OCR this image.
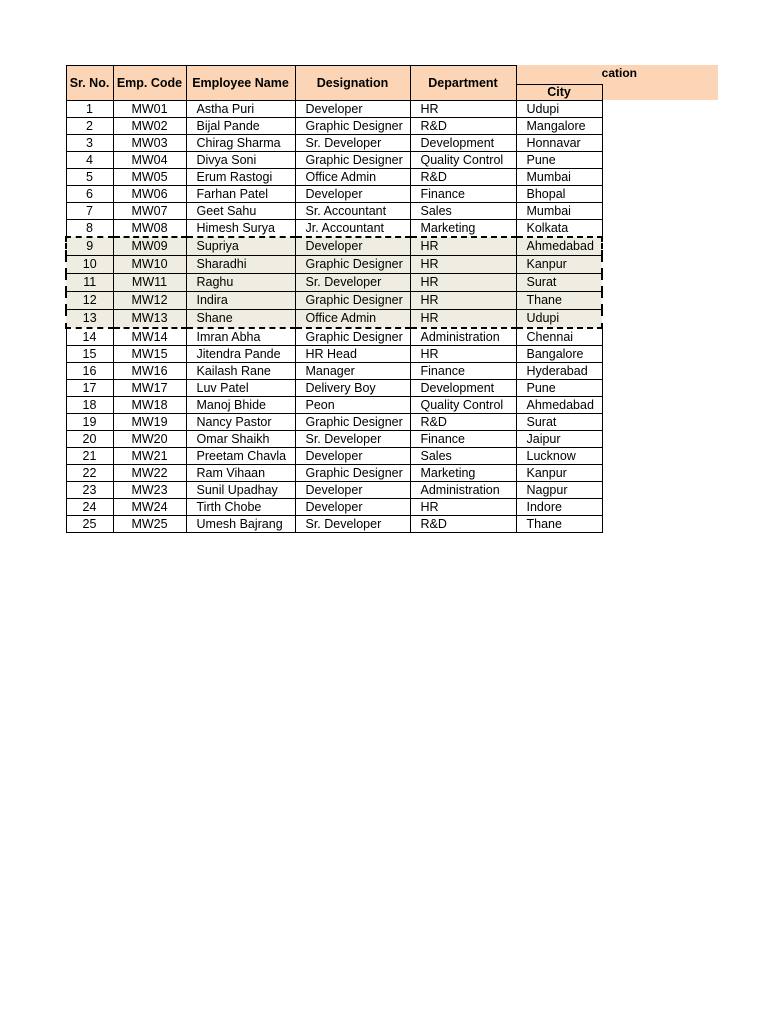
Sr. No.	Emp. Code	Employee Name	Designation	Department	
					City
1	MW01	Astha Puri	Developer	HR	Udupi
2	MW02	Bijal Pande	Graphic Designer	R&D	Mangalore
3	MW03	Chirag Sharma	Sr. Developer	Development	Honnavar
4	MW04	Divya Soni	Graphic Designer	Quality Control	Pune
5	MW05	Erum Rastogi	Office Admin	R&D	Mumbai
6	MW06	Farhan Patel	Developer	Finance	Bhopal
7	MW07	Geet Sahu	Sr. Accountant	Sales	Mumbai
8	MW08	Himesh Surya	Jr. Accountant	Marketing	Kolkata
9	MW09	Supriya	Developer	HR	Ahmedabad
10	MW10	Sharadhi	Graphic Designer	HR	Kanpur
11	MW11	Raghu	Sr. Developer	HR	Surat
12	MW12	Indira	Graphic Designer	HR	Thane
13	MW13	Shane	Office Admin	HR	Udupi
14	MW14	Imran Abha	Graphic Designer	Administration	Chennai
15	MW15	Jitendra Pande	HR Head	HR	Bangalore
16	MW16	Kailash Rane	Manager	Finance	Hyderabad
17	MW17	Luv Patel	Delivery Boy	Development	Pune
18	MW18	Manoj Bhide	Peon	Quality Control	Ahmedabad
19	MW19	Nancy Pastor	Graphic Designer	R&D	Surat
20	MW20	Omar Shaikh	Sr. Developer	Finance	Jaipur
21	MW21	Preetam Chavla	Developer	Sales	Lucknow
22	MW22	Ram Vihaan	Graphic Designer	Marketing	Kanpur
23	MW23	Sunil Upadhay	Developer	Administration	Nagpur
24	MW24	Tirth Chobe	Developer	HR	Indore
25	MW25	Umesh Bajrang	Sr. Developer	R&D	Thane
